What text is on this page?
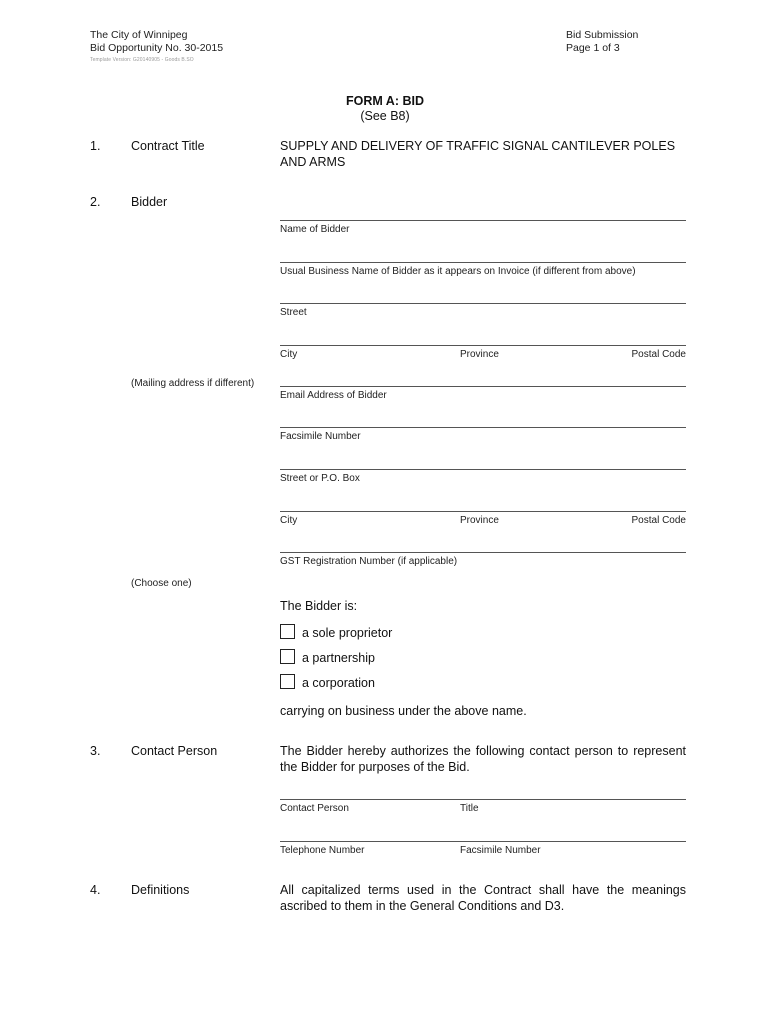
The City of Winnipeg
Bid Opportunity No. 30-2015
Template Version: G20140905 - Goods B.SO
Bid Submission
Page 1 of 3
FORM A: BID
(See B8)
1. Contract Title	SUPPLY AND DELIVERY OF TRAFFIC SIGNAL CANTILEVER POLES AND ARMS
2. Bidder
Name of Bidder
Usual Business Name of Bidder as it appears on Invoice (if different from above)
Street
City	Province	Postal Code
(Mailing address if different)
Email Address of Bidder
Facsimile Number
Street or P.O. Box
City	Province	Postal Code
GST Registration Number (if applicable)
(Choose one)
The Bidder is:
a sole proprietor
a partnership
a corporation
carrying on business under the above name.
3. Contact Person	The Bidder hereby authorizes the following contact person to represent
the Bidder for purposes of the Bid.
Contact Person	Title
Telephone Number	Facsimile Number
4. Definitions	All capitalized terms used in the Contract shall have the meanings
ascribed to them in the General Conditions and D3.
